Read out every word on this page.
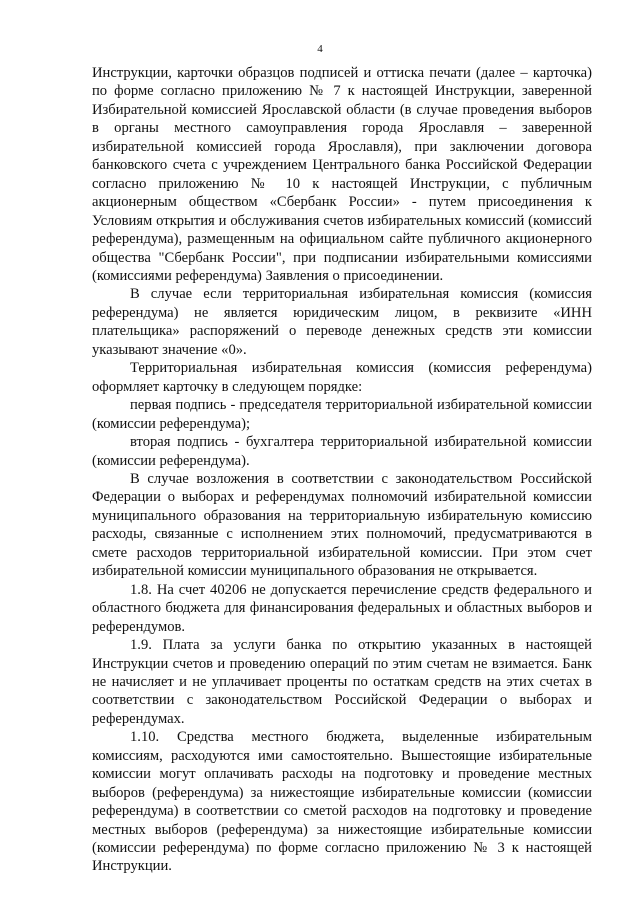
4

Инструкции, карточки образцов подписей и оттиска печати (далее – карточка) по форме согласно приложению № 7 к настоящей Инструкции, заверенной Избирательной комиссией Ярославской области (в случае проведения выборов в органы местного самоуправления города Ярославля – заверенной избирательной комиссией города Ярославля), при заключении договора банковского счета с учреждением Центрального банка Российской Федерации согласно приложению № 10 к настоящей Инструкции, с публичным акционерным обществом «Сбербанк России» - путем присоединения к Условиям открытия и обслуживания счетов избирательных комиссий (комиссий референдума), размещенным на официальном сайте публичного акционерного общества "Сбербанк России", при подписании избирательными комиссиями (комиссиями референдума) Заявления о присоединении.

В случае если территориальная избирательная комиссия (комиссия референдума) не является юридическим лицом, в реквизите «ИНН плательщика» распоряжений о переводе денежных средств эти комиссии указывают значение «0».

Территориальная избирательная комиссия (комиссия референдума) оформляет карточку в следующем порядке:

первая подпись - председателя территориальной избирательной комиссии (комиссии референдума);

вторая подпись - бухгалтера территориальной избирательной комиссии (комиссии референдума).

В случае возложения в соответствии с законодательством Российской Федерации о выборах и референдумах полномочий избирательной комиссии муниципального образования на территориальную избирательную комиссию расходы, связанные с исполнением этих полномочий, предусматриваются в смете расходов территориальной избирательной комиссии. При этом счет избирательной комиссии муниципального образования не открывается.

1.8. На счет 40206 не допускается перечисление средств федерального и областного бюджета для финансирования федеральных и областных выборов и референдумов.

1.9. Плата за услуги банка по открытию указанных в настоящей Инструкции счетов и проведению операций по этим счетам не взимается. Банк не начисляет и не уплачивает проценты по остаткам средств на этих счетах в соответствии с законодательством Российской Федерации о выборах и референдумах.

1.10. Средства местного бюджета, выделенные избирательным комиссиям, расходуются ими самостоятельно. Вышестоящие избирательные комиссии могут оплачивать расходы на подготовку и проведение местных выборов (референдума) за нижестоящие избирательные комиссии (комиссии референдума) в соответствии со сметой расходов на подготовку и проведение местных выборов (референдума) за нижестоящие избирательные комиссии (комиссии референдума) по форме согласно приложению № 3 к настоящей Инструкции.
